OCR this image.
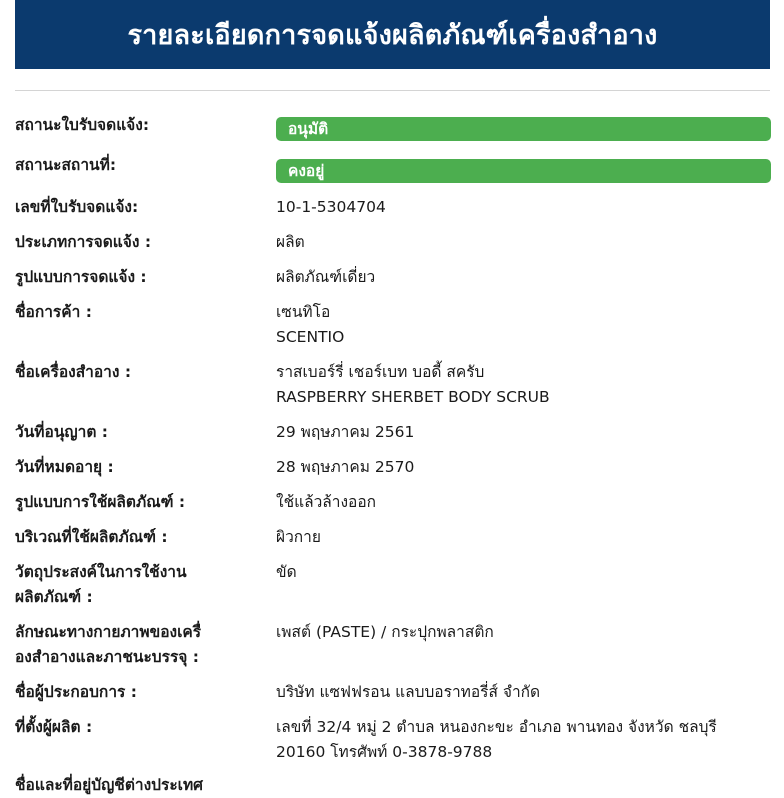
รายละเอียดการจดแจ้งผลิตภัณฑ์เครื่องสำอาง
สถานะใบรับจดแจ้ง:	อนุมัติ
สถานะสถานที่:	คงอยู่
เลขที่ใบรับจดแจ้ง:	10-1-5304704
ประเภทการจดแจ้ง :	ผลิต
รูปแบบการจดแจ้ง :	ผลิตภัณฑ์เดี่ยว
ชื่อการค้า :	เซนทิโอ
SCENTIO
ชื่อเครื่องสำอาง :	ราสเบอร์รี่ เชอร์เบท บอดี้ สครับ
RASPBERRY SHERBET BODY SCRUB
วันที่อนุญาต :	29 พฤษภาคม 2561
วันที่หมดอายุ :	28 พฤษภาคม 2570
รูปแบบการใช้ผลิตภัณฑ์ :	ใช้แล้วล้างออก
บริเวณที่ใช้ผลิตภัณฑ์ :	ผิวกาย
วัตถุประสงค์ในการใช้งาน
ผลิตภัณฑ์ :
ขัด
ลักษณะทางกายภาพของเครื่
องสำอางและภาชนะบรรจุ :
เพสต์ (PASTE) / กระปุกพลาสติก
ชื่อผู้ประกอบการ :	บริษัท แซฟฟรอน แลบบอราทอรี่ส์ จำกัด
ที่ตั้งผู้ผลิต :	เลขที่ 32/4 หมู่ 2 ตำบล หนองกะขะ อำเภอ พานทอง จังหวัด ชลบุรี
20160 โทรศัพท์ 0-3878-9788
ชื่อและที่อยู่บัญชีต่างประเทศ
